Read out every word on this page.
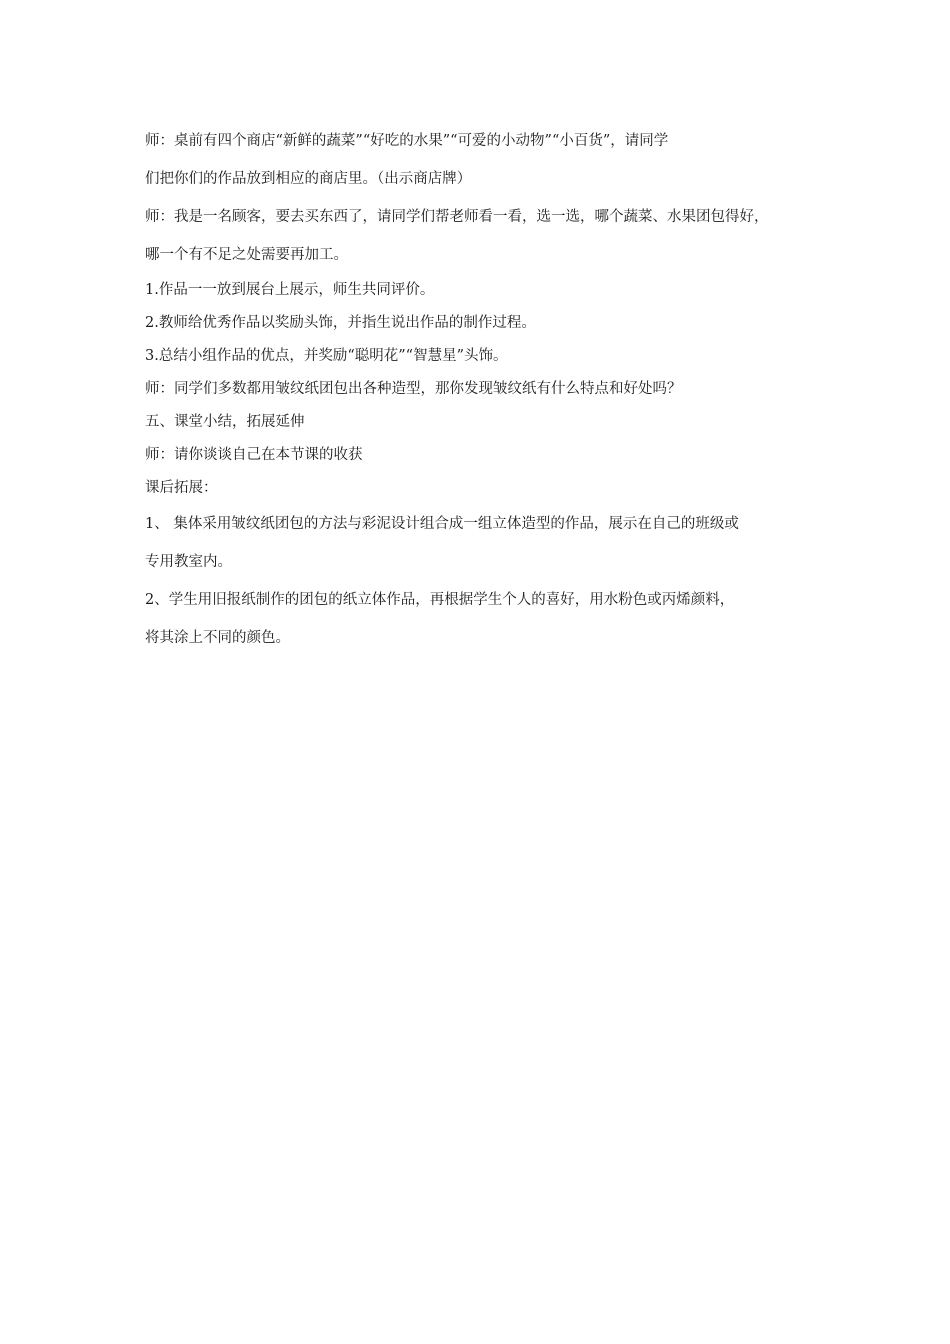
师：桌前有四个商店“新鲜的蔬菜”“好吃的水果”“可爱的小动物”“小百货”，请同学

们把你们的作品放到相应的商店里。（出示商店牌）

师：我是一名顾客，要去买东西了，请同学们帮老师看一看，选一选，哪个蔬菜、水果团包得好，

哪一个有不足之处需要再加工。

1.作品一一放到展台上展示，师生共同评价。

2.教师给优秀作品以奖励头饰，并指生说出作品的制作过程。

3.总结小组作品的优点，并奖励“聪明花”“智慧星”头饰。

师：同学们多数都用皱纹纸团包出各种造型，那你发现皱纹纸有什么特点和好处吗？

五、课堂小结，拓展延伸

师：请你谈谈自己在本节课的收获

课后拓展：

1、 集体采用皱纹纸团包的方法与彩泥设计组合成一组立体造型的作品，展示在自己的班级或

专用教室内。

2、学生用旧报纸制作的团包的纸立体作品，再根据学生个人的喜好，用水粉色或丙烯颜料，

将其涂上不同的颜色。
